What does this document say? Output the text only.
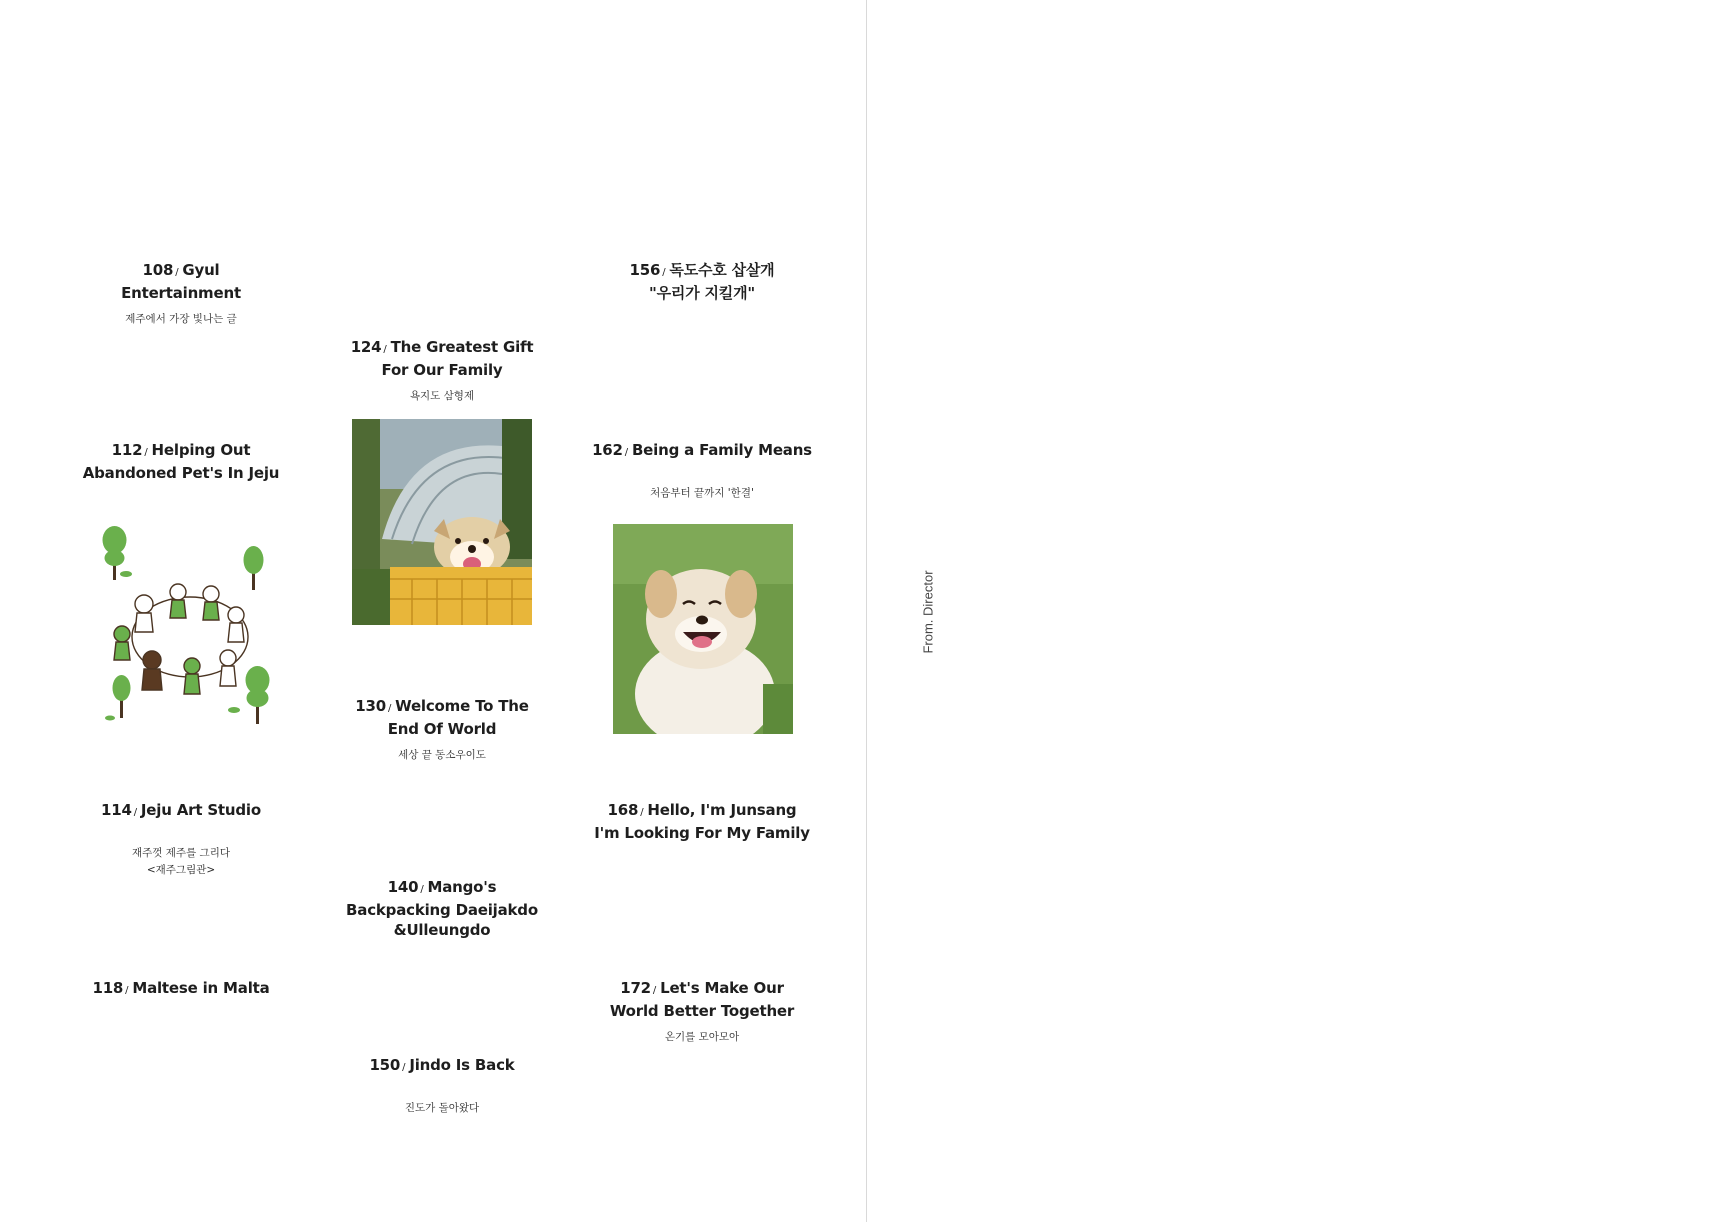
108 / Gyul
Entertainment

제주에서 가장 빛나는 글

112 / Helping Out
Abandoned Pet's In Jeju

114 / Jeju Art Studio

재주껏 제주를 그리다
<재주그림관>

118 / Maltese in Malta

124 / The Greatest Gift
For Our Family

욕지도 삼형제

130 / Welcome To The
End Of World

세상 끝 동소우이도

140 / Mango's
Backpacking Daeijakdo
&Ulleungdo

150 / Jindo Is Back

진도가 돌아왔다

156 / 독도수호 삽살개
"우리가 지킬개"

162 / Being a Family Means

처음부터 끝까지 '한결'

168 / Hello, I'm Junsang
I'm Looking For My Family

172 / Let's Make Our
World Better Together

온기를 모아모아

From. Director
